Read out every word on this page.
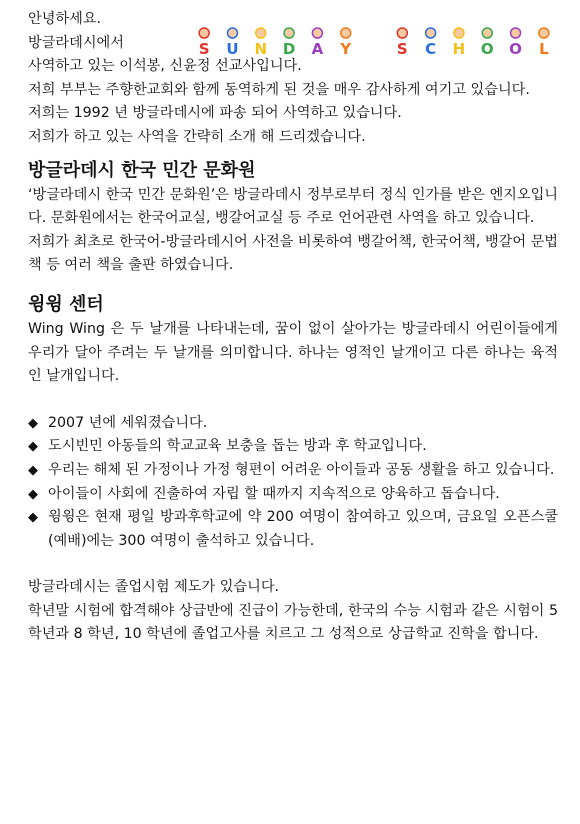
S U N D A Y	S C H O O L

안녕하세요.

방글라데시에서

사역하고 있는 이석봉, 신윤정 선교사입니다.

저희 부부는 주향한교회와 함께 동역하게 된 것을 매우 감사하게 여기고 있습니다.

저희는 1992 년 방글라데시에 파송 되어 사역하고 있습니다.

저희가 하고 있는 사역을 간략히 소개 해 드리겠습니다.

방글라데시 한국 민간 문화원

‘방글라데시 한국 민간 문화원’은 방글라데시 정부로부터 정식 인가를 받은 엔지오입니다. 문화원에서는 한국어교실, 뱅갈어교실 등 주로 언어관련 사역을 하고 있습니다.

저희가 최초로 한국어-방글라데시어 사전을 비롯하여 뱅갈어책, 한국어책, 뱅갈어 문법책 등 여러 책을 출판 하였습니다.

윙윙 센터

Wing Wing 은 두 날개를 나타내는데, 꿈이 없이 살아가는 방글라데시 어린이들에게 우리가 달아 주려는 두 날개를 의미합니다. 하나는 영적인 날개이고 다른 하나는 육적인 날개입니다.

◆ 2007 년에 세워졌습니다.
◆ 도시빈민 아동들의 학교교육 보충을 돕는 방과 후 학교입니다.
◆ 우리는 해체 된 가정이나 가정 형편이 어려운 아이들과 공동 생활을 하고 있습니다.
◆ 아이들이 사회에 진출하여 자립 할 때까지 지속적으로 양육하고 돕습니다.
◆ 윙윙은 현재 평일 방과후학교에 약 200 여명이 참여하고 있으며, 금요일 오픈스쿨(예배)에는 300 여명이 출석하고 있습니다.

방글라데시는 졸업시험 제도가 있습니다.

학년말 시험에 합격해야 상급반에 진급이 가능한데, 한국의 수능 시험과 같은 시험이 5 학년과 8 학년, 10 학년에 졸업고사를 치르고 그 성적으로 상급학교 진학을 합니다.
